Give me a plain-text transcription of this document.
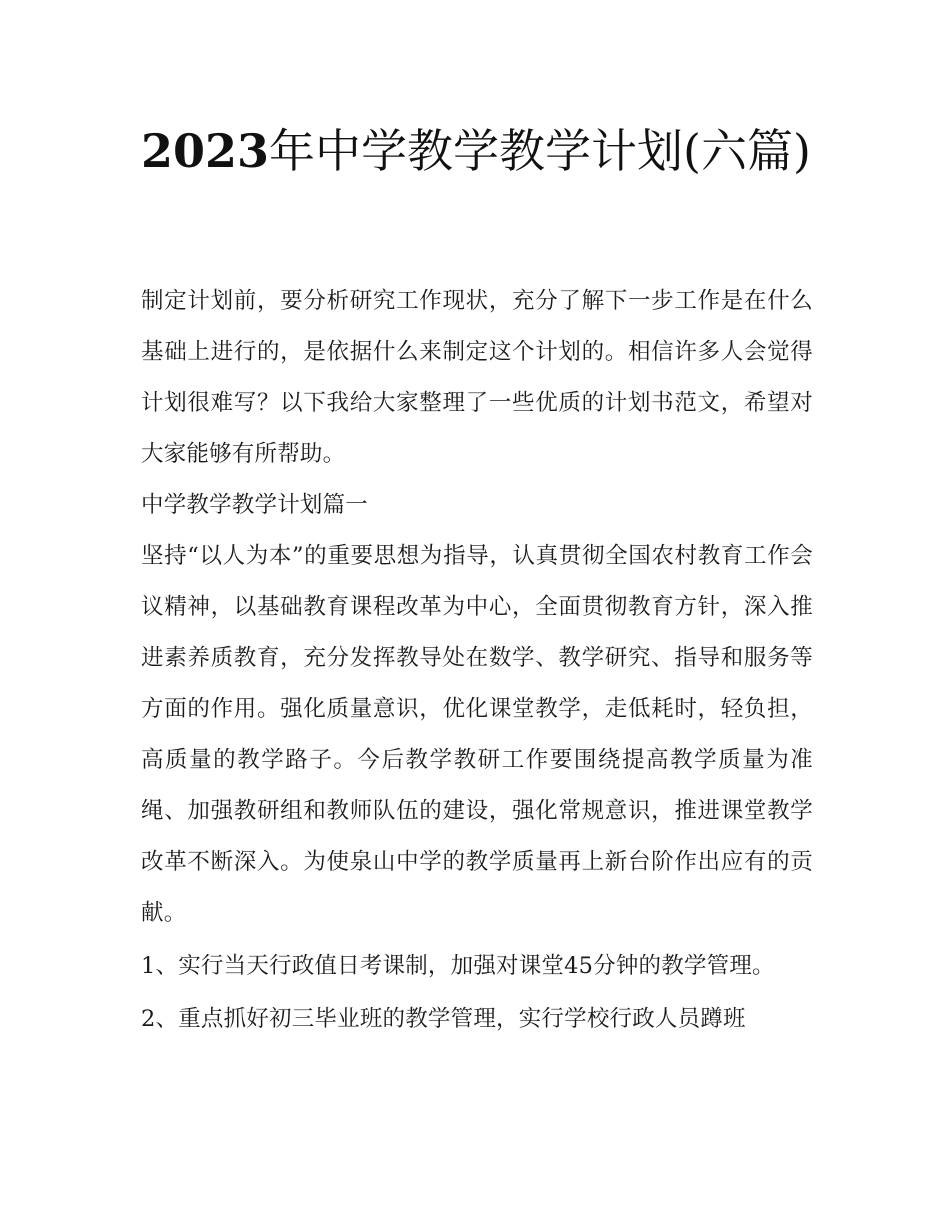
2023年中学教学教学计划(六篇)

制定计划前，要分析研究工作现状，充分了解下一步工作是在什么基础上进行的，是依据什么来制定这个计划的。相信许多人会觉得计划很难写？以下我给大家整理了一些优质的计划书范文，希望对大家能够有所帮助。

中学教学教学计划篇一

坚持“以人为本”的重要思想为指导，认真贯彻全国农村教育工作会议精神，以基础教育课程改革为中心，全面贯彻教育方针，深入推进素养质教育，充分发挥教导处在数学、教学研究、指导和服务等方面的作用。强化质量意识，优化课堂教学，走低耗时，轻负担，高质量的教学路子。今后教学教研工作要围绕提高教学质量为准绳、加强教研组和教师队伍的建设，强化常规意识，推进课堂教学改革不断深入。为使泉山中学的教学质量再上新台阶作出应有的贡献。

1、实行当天行政值日考课制，加强对课堂45分钟的教学管理。

2、重点抓好初三毕业班的教学管理，实行学校行政人员蹲班
